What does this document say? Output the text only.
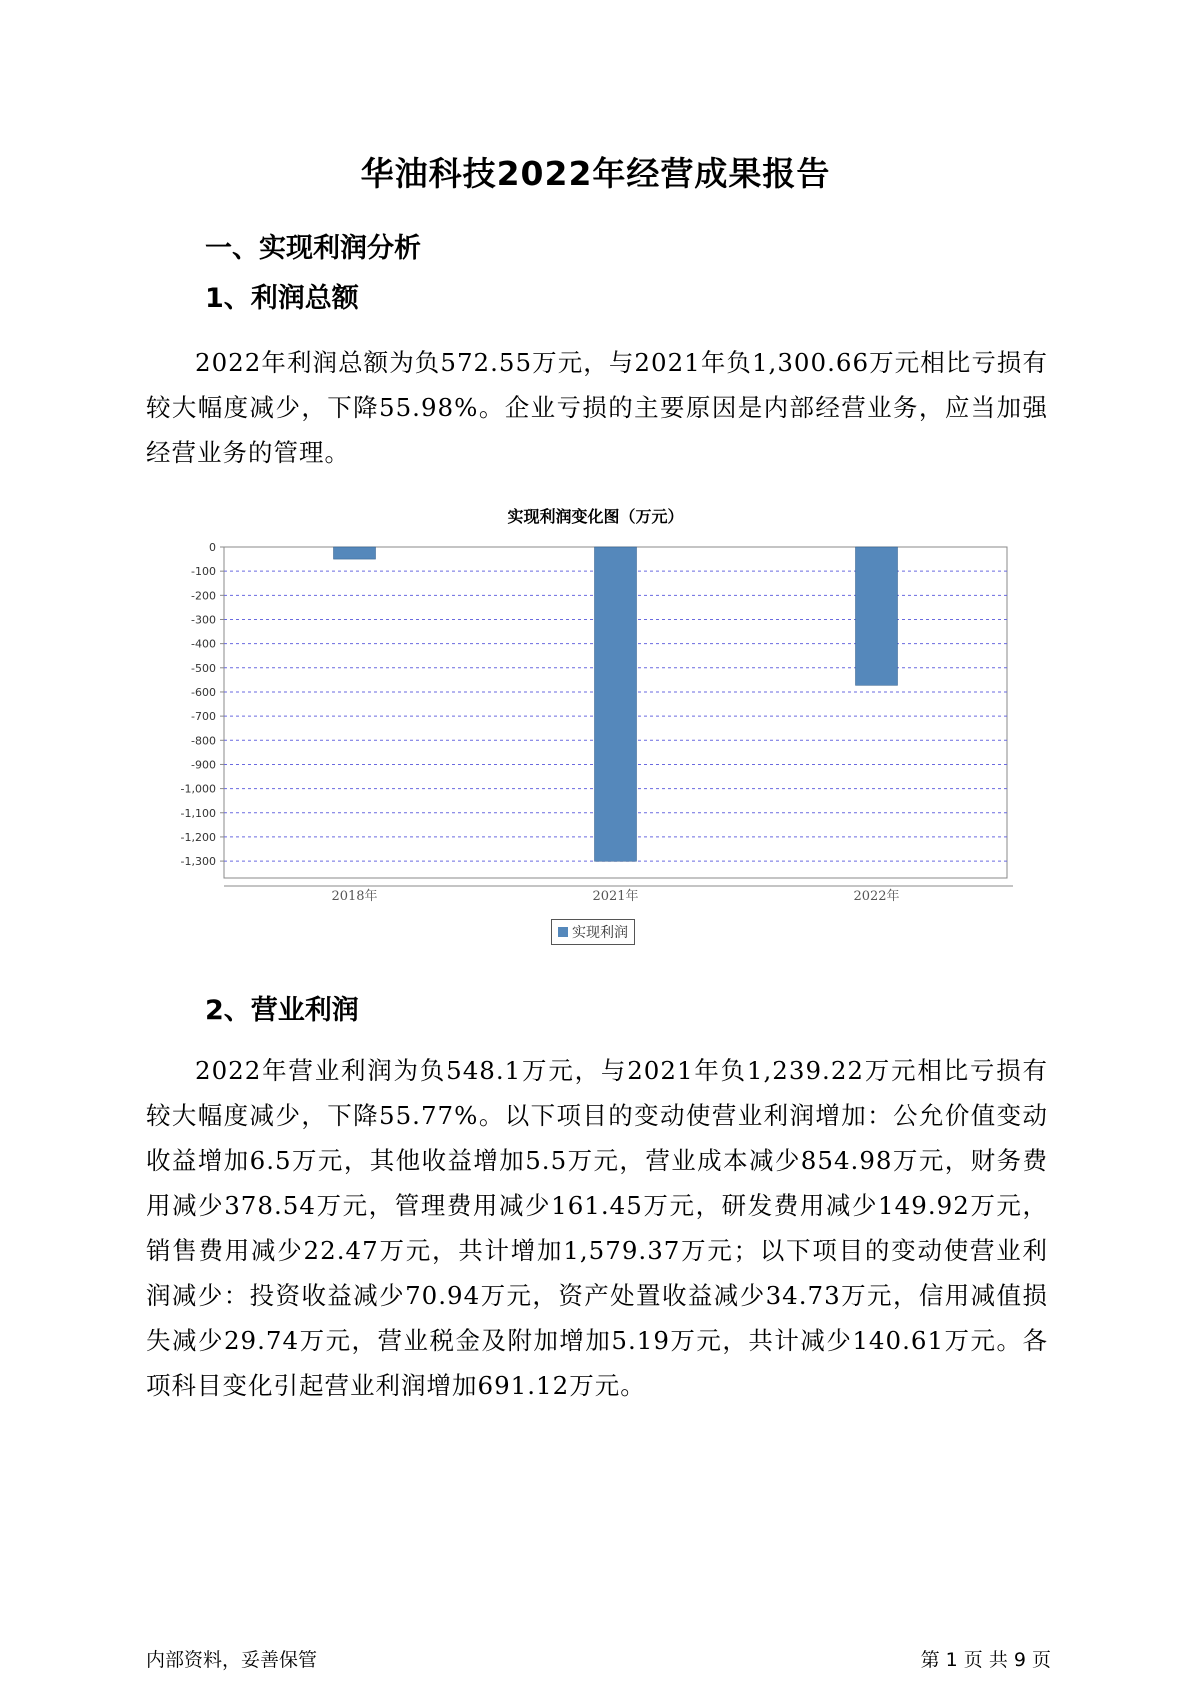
华油科技2022年经营成果报告
一、实现利润分析
1、利润总额

2022年利润总额为负572.55万元，与2021年负1,300.66万元相比亏损有较大幅度减少，下降55.98%。企业亏损的主要原因是内部经营业务，应当加强经营业务的管理。

实现利润变化图（万元）
0
-100
-200
-300
-400
-500
-600
-700
-800
-900
-1,000
-1,100
-1,200
-1,300
2018年	2021年	2022年
实现利润
2、营业利润

2022年营业利润为负548.1万元，与2021年负1,239.22万元相比亏损有较大幅度减少，下降55.77%。以下项目的变动使营业利润增加：公允价值变动收益增加6.5万元，其他收益增加5.5万元，营业成本减少854.98万元，财务费用减少378.54万元，管理费用减少161.45万元，研发费用减少149.92万元，销售费用减少22.47万元，共计增加1,579.37万元；以下项目的变动使营业利润减少：投资收益减少70.94万元，资产处置收益减少34.73万元，信用减值损失减少29.74万元，营业税金及附加增加5.19万元，共计减少140.61万元。各项科目变化引起营业利润增加691.12万元。

内部资料，妥善保管	第 1 页 共 9 页
